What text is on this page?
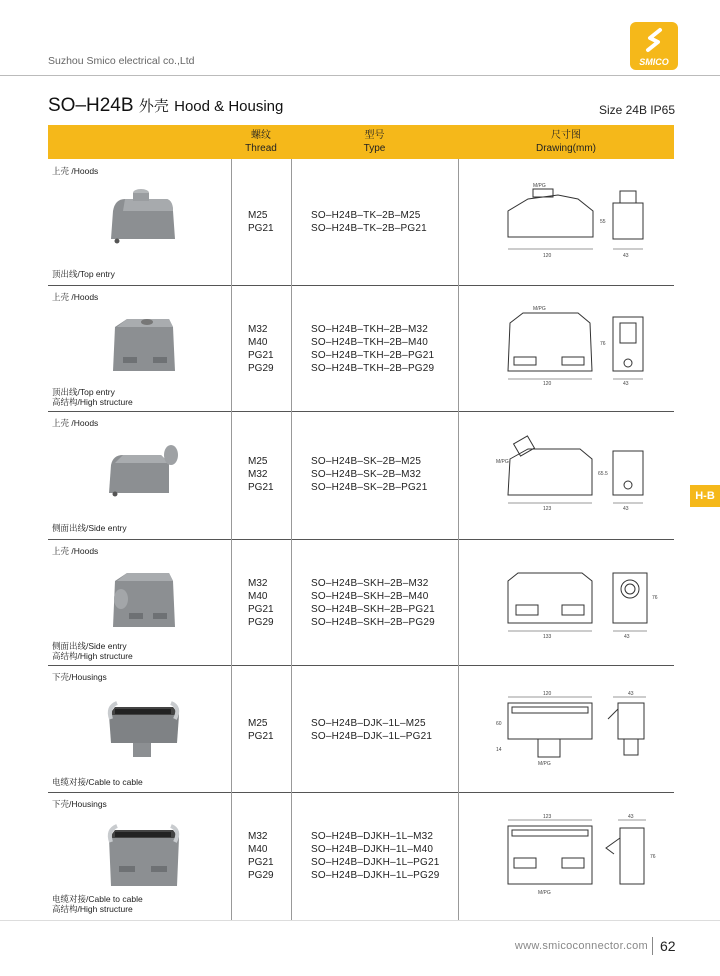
Suzhou Smico electrical co.,Ltd	SMICO
SO–H24B 外壳 Hood & Housing	Size 24B IP65
螺纹
Thread
型号
Type
尺寸图
Drawing(mm)
上壳 /Hoods
顶出线/Top entry
M25
PG21
SO–H24B–TK–2B–M25
SO–H24B–TK–2B–PG21
120
M/PG
55
43
上壳 /Hoods
顶出线/Top entry
高结构/High structure
M32
M40
PG21
PG29
SO–H24B–TKH–2B–M32
SO–H24B–TKH–2B–M40
SO–H24B–TKH–2B–PG21
SO–H24B–TKH–2B–PG29
M/PG
120
76
43
上壳 /Hoods
侧面出线/Side entry
M25
M32
PG21
SO–H24B–SK–2B–M25
SO–H24B–SK–2B–M32
SO–H24B–SK–2B–PG21
M/PG
123
65.5
43
上壳 /Hoods
侧面出线/Side entry
高结构/High structure
M32
M40
PG21
PG29
SO–H24B–SKH–2B–M32
SO–H24B–SKH–2B–M40
SO–H24B–SKH–2B–PG21
SO–H24B–SKH–2B–PG29
133
76
43
下壳/Housings
电缆对接/Cable to cable
M25
PG21
SO–H24B–DJK–1L–M25
SO–H24B–DJK–1L–PG21
120
60
14
M/PG
43
下壳/Housings
电缆对接/Cable to cable
高结构/High structure
M32
M40
PG21
PG29
SO–H24B–DJKH–1L–M32
SO–H24B–DJKH–1L–M40
SO–H24B–DJKH–1L–PG21
SO–H24B–DJKH–1L–PG29
123
M/PG
43
76
H-B
www.smicoconnector.com 62
